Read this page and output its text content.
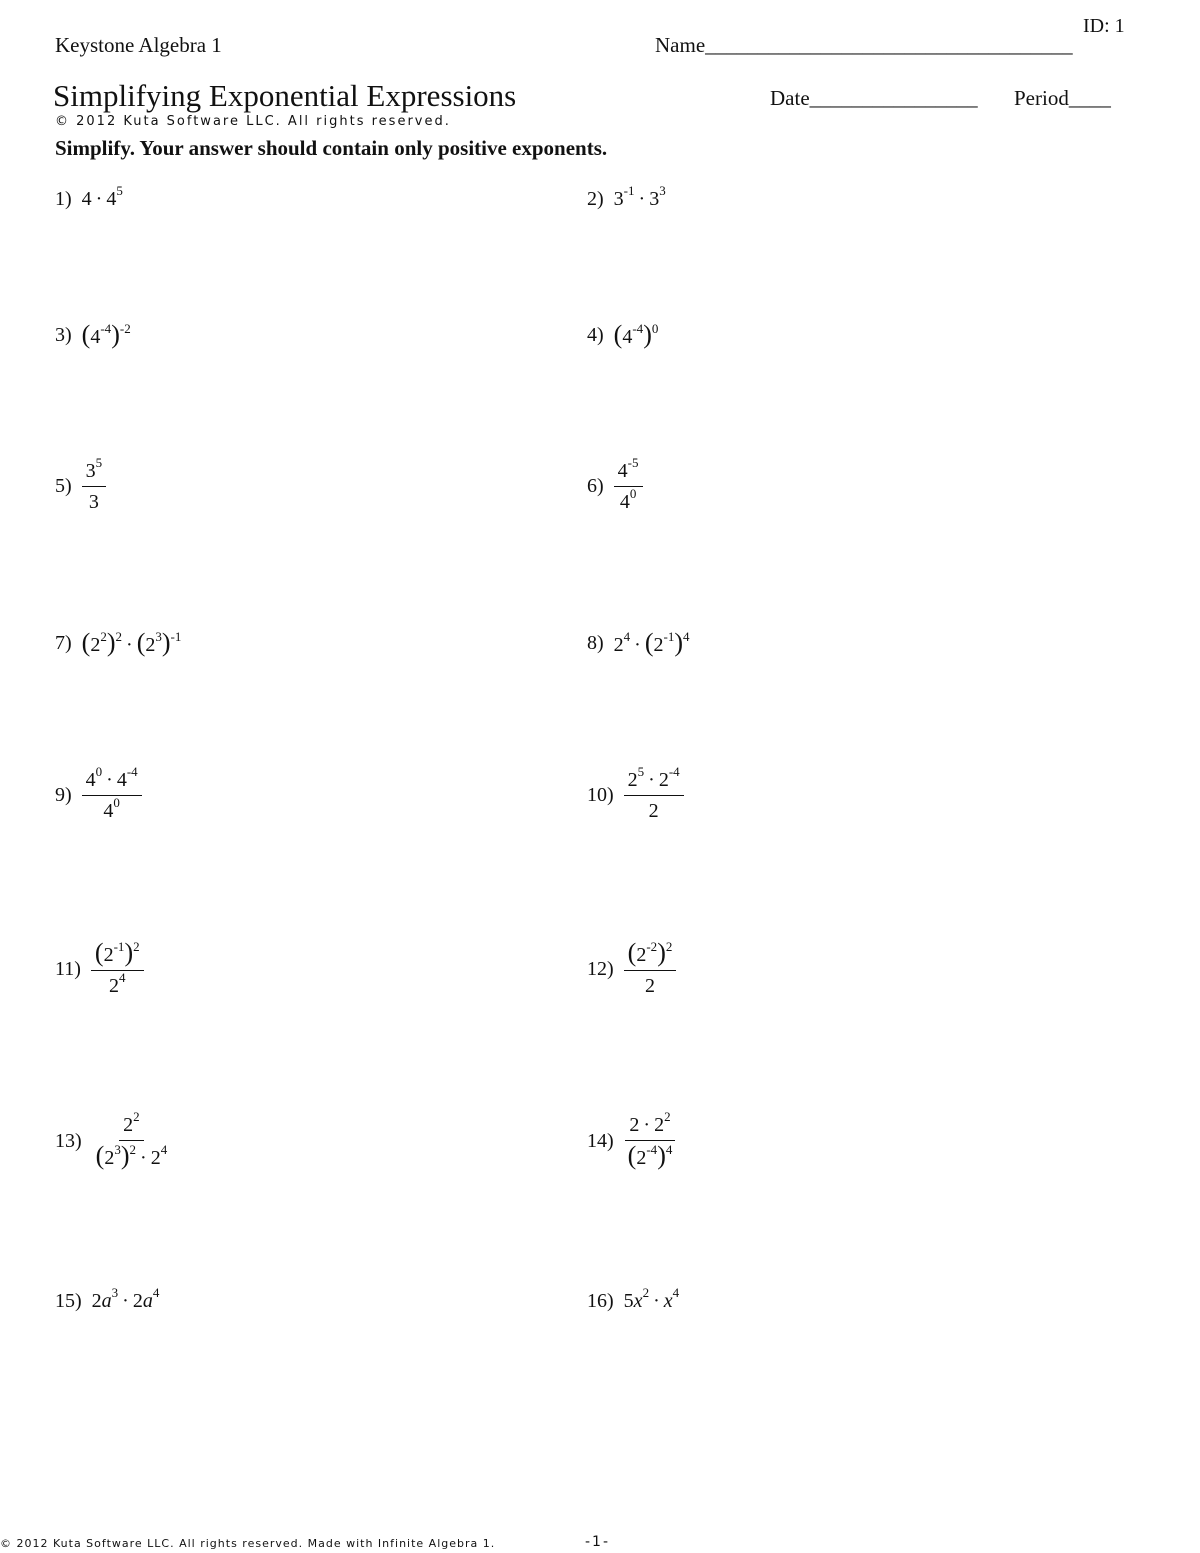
Keystone Algebra 1
ID: 1
Name___________________________________
Simplifying Exponential Expressions
© 2012 Kuta Software LLC. All rights reserved.
Date________________ Period____
Simplify. Your answer should contain only positive exponents.
1) $4 \cdot 4^5$	2) $3^{-1} \cdot 3^3$
3) $(4^{-4})^{-2}$	4) $(4^{-4})^0$
$5) \frac{3^5}{3}$	$6) \frac{4^{-5}}{4^0}$
7) $(2^2)^2 \cdot (2^3)^{-1}$	8) $2^4 \cdot (2^{-1})^4$
$9) \frac{4^0 \cdot 4^{-4}}{4^0}$	$10) \frac{2^5 \cdot 2^{-4}}{2}$
$11) \frac{(2^{-1})^2}{2^4}$	$12) \frac{(2^{-2})^2}{2}$
$13) \frac{2^2}{(2^3)^2 \cdot 2^4}$	$14) \frac{2 \cdot 2^2}{(2^{-4})^4}$
15) $2a^3 \cdot 2a^4$	16) $5x^2 \cdot x^4$
© 2012 Kuta Software LLC. All rights reserved. Made with Infinite Algebra 1.	-1-
